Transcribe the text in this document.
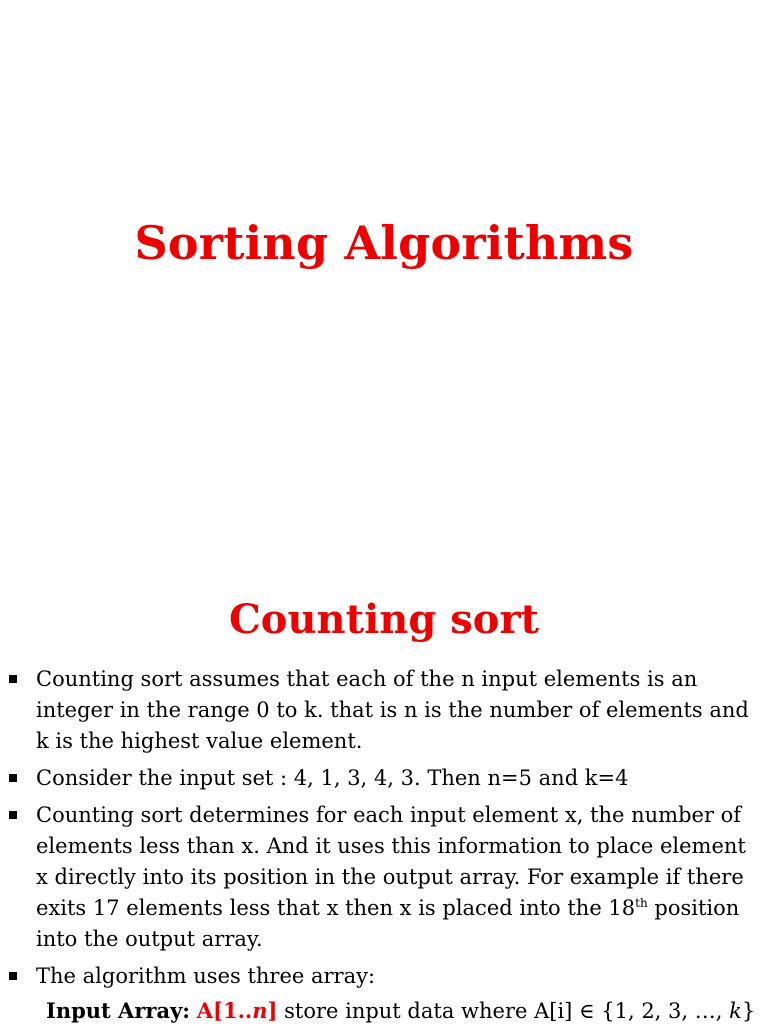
Sorting Algorithms
Counting sort
Counting sort assumes that each of the n input elements is an integer in the range 0 to k. that is n is the number of elements and k is the highest value element.
Consider the input set : 4, 1, 3, 4, 3. Then n=5 and k=4
Counting sort determines for each input element x, the number of elements less than x. And it uses this information to place element x directly into its position in the output array. For example if there exits 17 elements less that x then x is placed into the 18th position into the output array.
The algorithm uses three array:
Input Array: A[1..n] store input data where A[i] ∈ {1, 2, 3, …, k}
